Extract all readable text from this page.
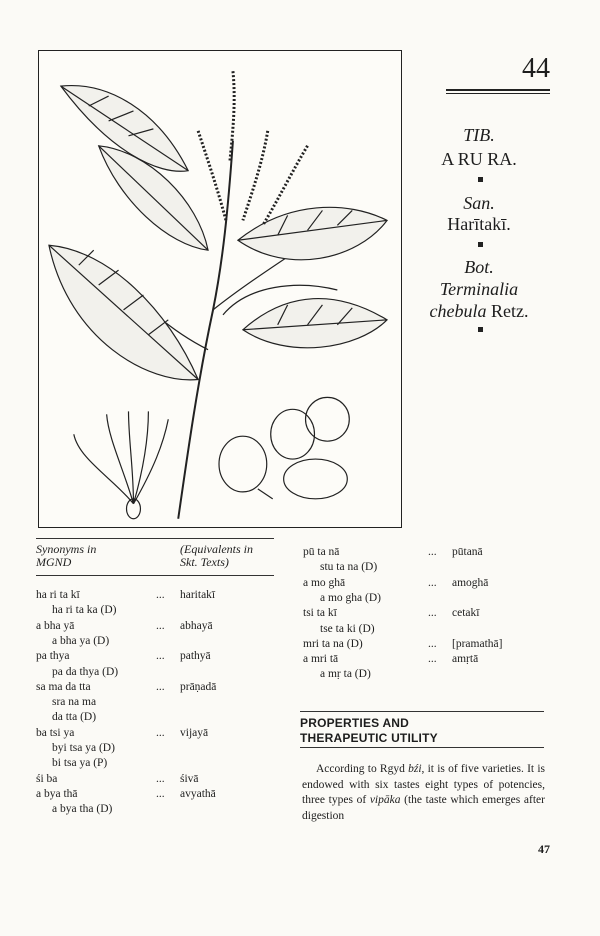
44
TIB.
A RU RA.
San.
Harītakī.
Bot.
Terminalia
chebula Retz.
Synonyms in
MGND
(Equivalents in
Skt. Texts)
ha ri ta kī	... haritakī
ha ri ta ka (D)
a bha yā	... abhayā
a bha ya (D)
pa thya	... pathyā
pa da thya (D)
sa ma da tta	... prāṇadā
sra na ma
da tta (D)
ba tsi ya	... vijayā
byi tsa ya (D)
bi tsa ya (P)
śi ba	... śivā
a bya thā	... avyathā
a bya tha (D)
pū ta nā	... pūtanā
stu ta na (D)
a mo ghā	... amoghā
a mo gha (D)
tsi ta kī	... cetakī
tse ta ki (D)
mri ta na (D)	... [pramathā]
a mri tā	... amṛtā
a mṛ ta (D)
PROPERTIES AND
THERAPEUTIC UTILITY
According to Rgyd bźi, it is of five varieties. It is endowed with six tastes eight types of potencies, three types of vipāka (the taste which emerges after digestion
47
